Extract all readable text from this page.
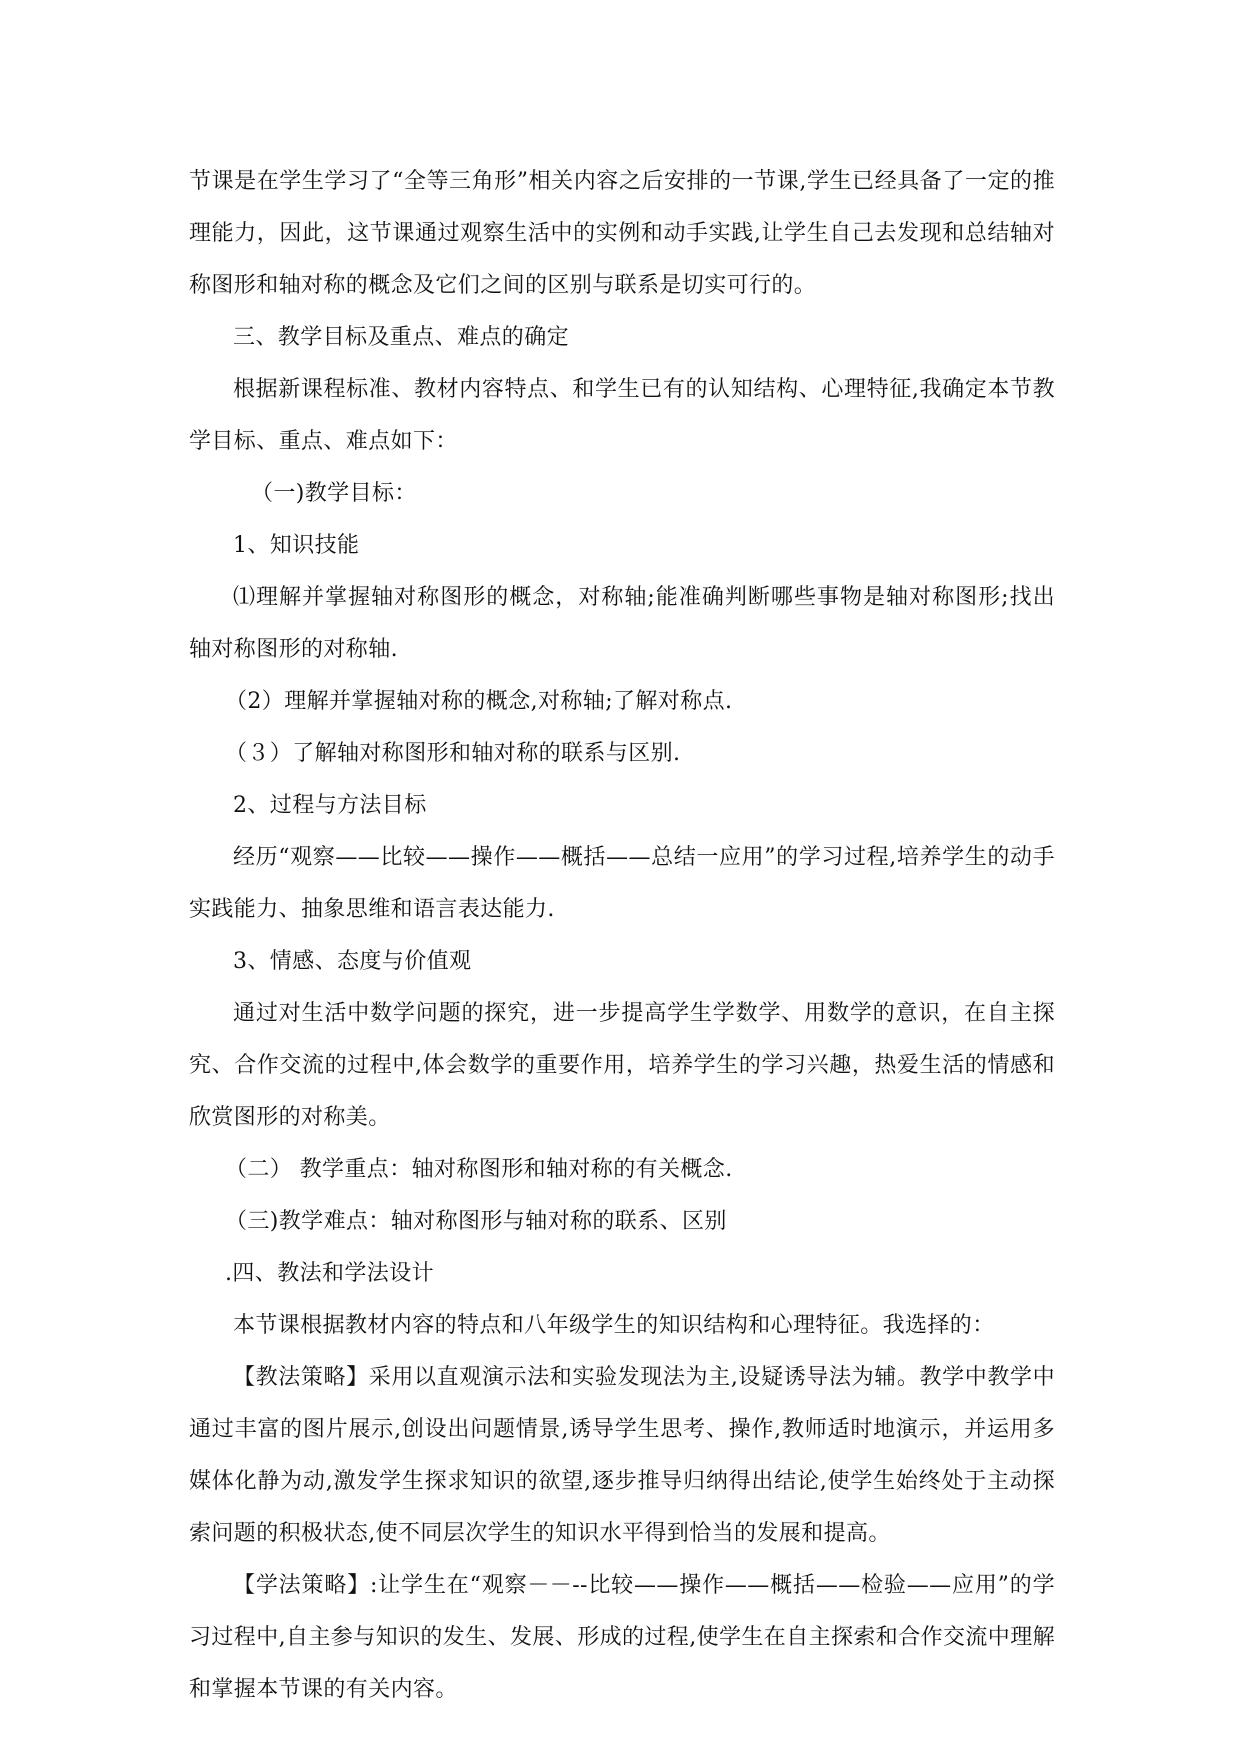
节课是在学生学习了“全等三角形”相关内容之后安排的一节课,学生已经具备了一定的推理能力，因此，这节课通过观察生活中的实例和动手实践,让学生自己去发现和总结轴对称图形和轴对称的概念及它们之间的区别与联系是切实可行的。

三、教学目标及重点、难点的确定

根据新课程标准、教材内容特点、和学生已有的认知结构、心理特征,我确定本节教学目标、重点、难点如下：

（一)教学目标：

1、知识技能

⑴理解并掌握轴对称图形的概念，对称轴;能准确判断哪些事物是轴对称图形;找出轴对称图形的对称轴.

（2）理解并掌握轴对称的概念,对称轴;了解对称点.

（３）了解轴对称图形和轴对称的联系与区别.

2、过程与方法目标

经历“观察——比较——操作——概括——总结一应用”的学习过程,培养学生的动手实践能力、抽象思维和语言表达能力.

3、情感、态度与价值观

通过对生活中数学问题的探究，进一步提高学生学数学、用数学的意识，在自主探究、合作交流的过程中,体会数学的重要作用，培养学生的学习兴趣，热爱生活的情感和欣赏图形的对称美。

（二） 教学重点：轴对称图形和轴对称的有关概念.

（三)教学难点：轴对称图形与轴对称的联系、区别

.四、教法和学法设计

本节课根据教材内容的特点和八年级学生的知识结构和心理特征。我选择的：

【教法策略】采用以直观演示法和实验发现法为主,设疑诱导法为辅。教学中教学中通过丰富的图片展示,创设出问题情景,诱导学生思考、操作,教师适时地演示，并运用多媒体化静为动,激发学生探求知识的欲望,逐步推导归纳得出结论,使学生始终处于主动探索问题的积极状态,使不同层次学生的知识水平得到恰当的发展和提高。

【学法策略】:让学生在“观察－－--比较——操作——概括——检验——应用”的学习过程中,自主参与知识的发生、发展、形成的过程,使学生在自主探索和合作交流中理解和掌握本节课的有关内容。
